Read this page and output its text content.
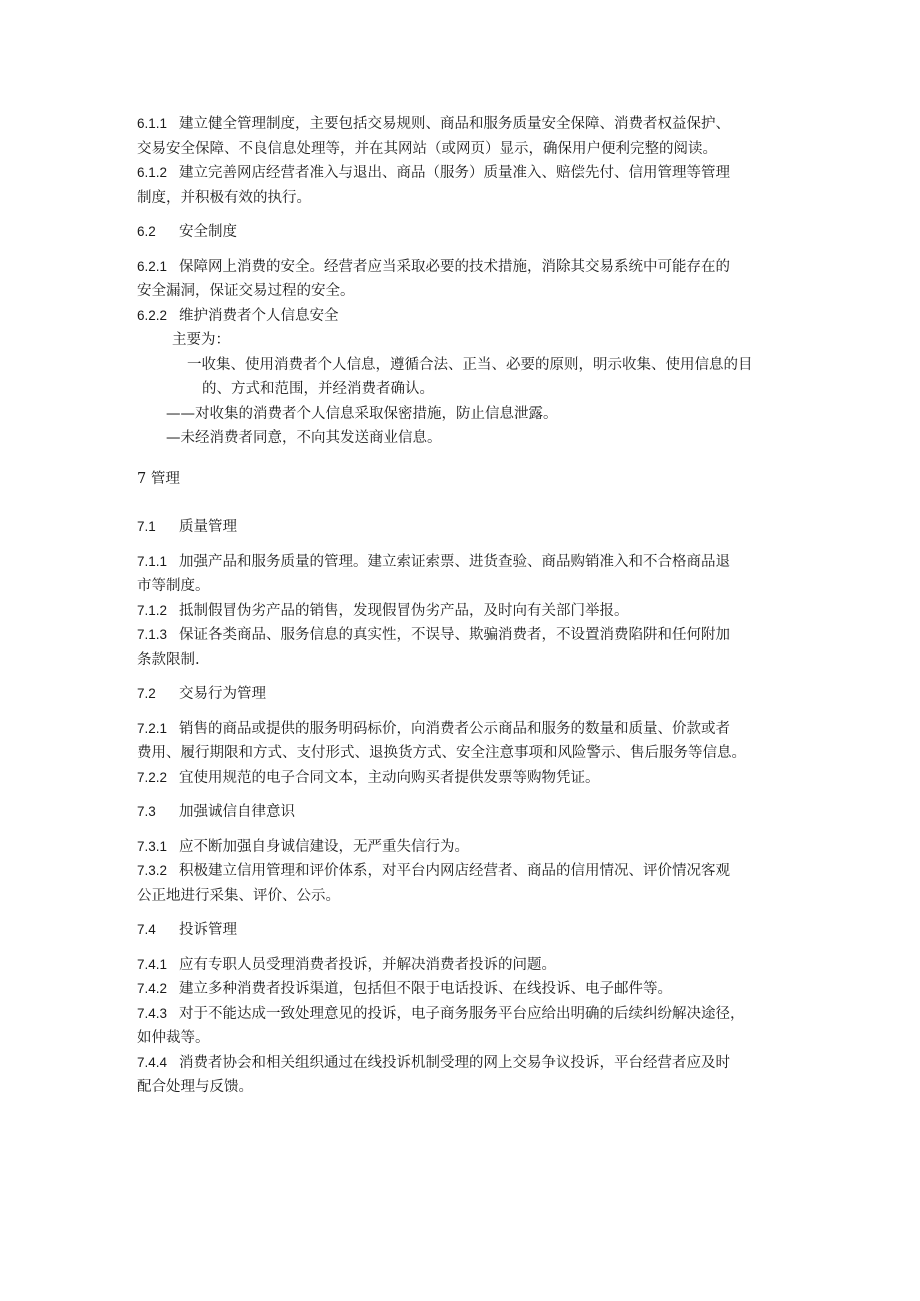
6.1.1 建立健全管理制度，主要包括交易规则、商品和服务质量安全保障、消费者权益保护、
交易安全保障、不良信息处理等，并在其网站（或网页）显示，确保用户便利完整的阅读。
6.1.2 建立完善网店经营者准入与退出、商品（服务）质量准入、赔偿先付、信用管理等管理
制度，并积极有效的执行。
6.2 安全制度
6.2.1 保障网上消费的安全。经营者应当采取必要的技术措施，消除其交易系统中可能存在的
安全漏洞，保证交易过程的安全。
6.2.2 维护消费者个人信息安全
主要为：
一收集、使用消费者个人信息，遵循合法、正当、必要的原则，明示收集、使用信息的目
的、方式和范围，并经消费者确认。
——对收集的消费者个人信息采取保密措施，防止信息泄露。
—未经消费者同意，不向其发送商业信息。
7 管理
7.1 质量管理
7.1.1 加强产品和服务质量的管理。建立索证索票、进货查验、商品购销准入和不合格商品退
市等制度。
7.1.2 抵制假冒伪劣产品的销售，发现假冒伪劣产品，及时向有关部门举报。
7.1.3 保证各类商品、服务信息的真实性，不误导、欺骗消费者，不设置消费陷阱和任何附加
条款限制.
7.2 交易行为管理
7.2.1 销售的商品或提供的服务明码标价，向消费者公示商品和服务的数量和质量、价款或者
费用、履行期限和方式、支付形式、退换货方式、安全注意事项和风险警示、售后服务等信息。
7.2.2 宜使用规范的电子合同文本，主动向购买者提供发票等购物凭证。
7.3 加强诚信自律意识
7.3.1 应不断加强自身诚信建设，无严重失信行为。
7.3.2 积极建立信用管理和评价体系，对平台内网店经营者、商品的信用情况、评价情况客观
公正地进行采集、评价、公示。
7.4 投诉管理
7.4.1 应有专职人员受理消费者投诉，并解决消费者投诉的问题。
7.4.2 建立多种消费者投诉渠道，包括但不限于电话投诉、在线投诉、电子邮件等。
7.4.3 对于不能达成一致处理意见的投诉，电子商务服务平台应给出明确的后续纠纷解决途径，
如仲裁等。
7.4.4 消费者协会和相关组织通过在线投诉机制受理的网上交易争议投诉，平台经营者应及时
配合处理与反馈。
